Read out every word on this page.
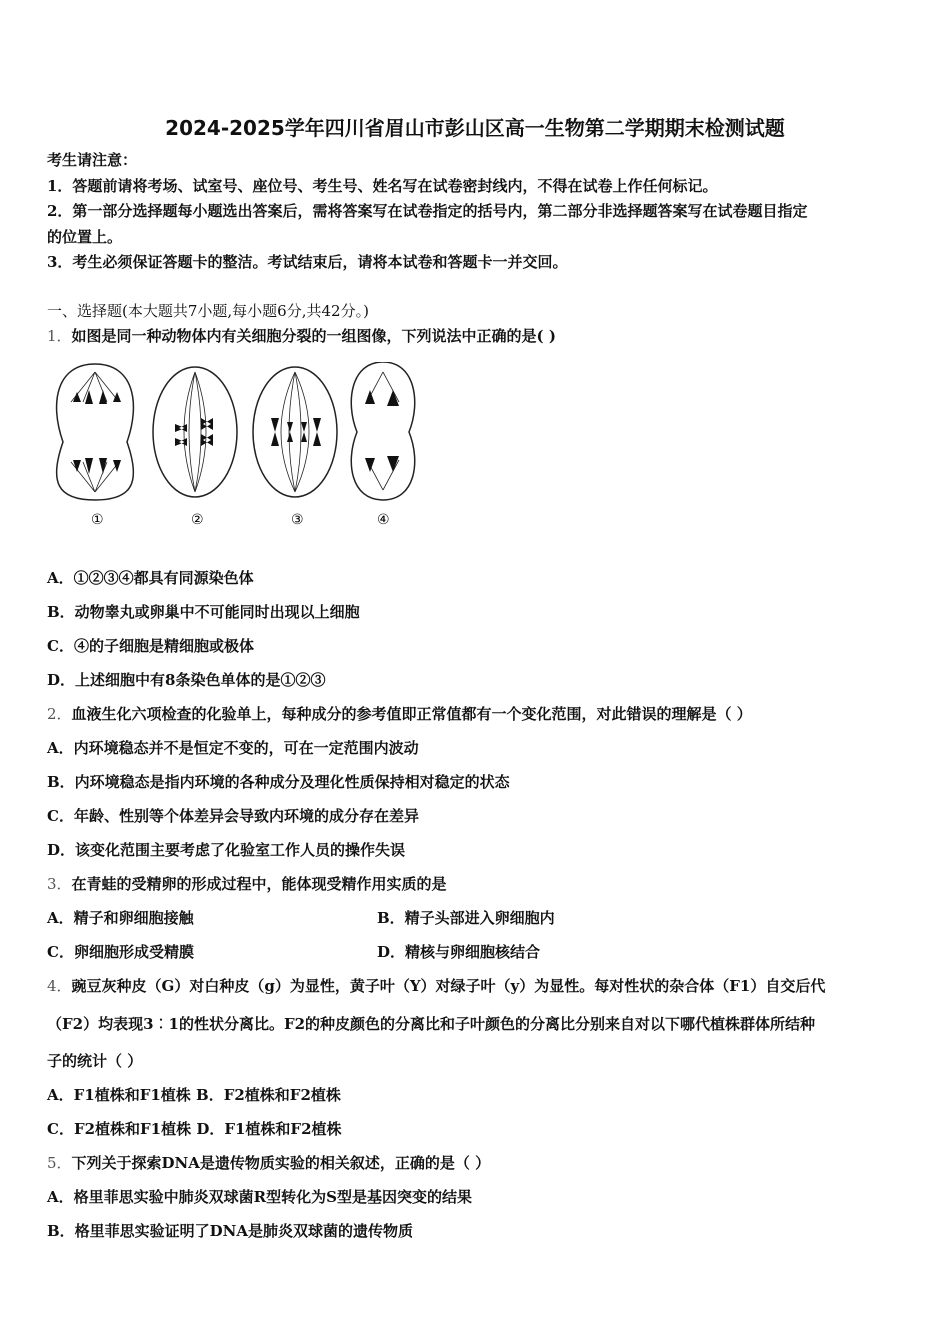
2024-2025学年四川省眉山市彭山区高一生物第二学期期末检测试题
考生请注意：
1．答题前请将考场、试室号、座位号、考生号、姓名写在试卷密封线内，不得在试卷上作任何标记。
2．第一部分选择题每小题选出答案后，需将答案写在试卷指定的括号内，第二部分非选择题答案写在试卷题目指定
的位置上。
3．考生必须保证答题卡的整洁。考试结束后，请将本试卷和答题卡一并交回。
一、选择题(本大题共7小题,每小题6分,共42分。)
1．如图是同一种动物体内有关细胞分裂的一组图像，下列说法中正确的是( )
①	②	③	④
A．①②③④都具有同源染色体
B．动物睾丸或卵巢中不可能同时出现以上细胞
C．④的子细胞是精细胞或极体
D．上述细胞中有8条染色单体的是①②③
2．血液生化六项检查的化验单上，每种成分的参考值即正常值都有一个变化范围，对此错误的理解是（ ）
A．内环境稳态并不是恒定不变的，可在一定范围内波动
B．内环境稳态是指内环境的各种成分及理化性质保持相对稳定的状态
C．年龄、性别等个体差异会导致内环境的成分存在差异
D．该变化范围主要考虑了化验室工作人员的操作失误
3．在青蛙的受精卵的形成过程中，能体现受精作用实质的是
A．精子和卵细胞接触	B．精子头部进入卵细胞内
C．卵细胞形成受精膜	D．精核与卵细胞核结合
4．豌豆灰种皮（G）对白种皮（g）为显性，黄子叶（Y）对绿子叶（y）为显性。每对性状的杂合体（F1）自交后代
（F2）均表现3︰1的性状分离比。F2的种皮颜色的分离比和子叶颜色的分离比分别来自对以下哪代植株群体所结种
子的统计（ ）
A．F1植株和F1植株 B．F2植株和F2植株
C．F2植株和F1植株 D．F1植株和F2植株
5．下列关于探索DNA是遗传物质实验的相关叙述，正确的是（ ）
A．格里菲思实验中肺炎双球菌R型转化为S型是基因突变的结果
B．格里菲思实验证明了DNA是肺炎双球菌的遗传物质
